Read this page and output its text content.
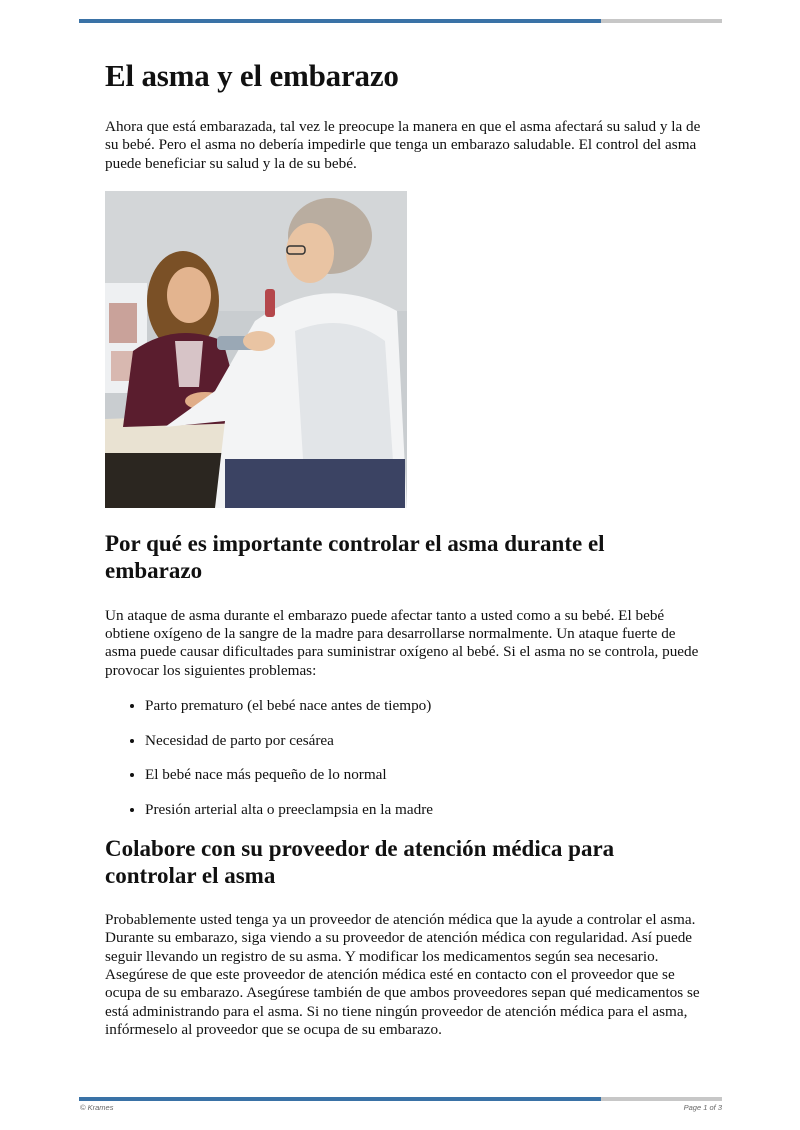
El asma y el embarazo

Ahora que está embarazada, tal vez le preocupe la manera en que el asma afectará su salud y la de su bebé. Pero el asma no debería impedirle que tenga un embarazo saludable. El control del asma puede beneficiar su salud y la de su bebé.

Por qué es importante controlar el asma durante el embarazo

Un ataque de asma durante el embarazo puede afectar tanto a usted como a su bebé. El bebé obtiene oxígeno de la sangre de la madre para desarrollarse normalmente. Un ataque fuerte de asma puede causar dificultades para suministrar oxígeno al bebé. Si el asma no se controla, puede provocar los siguientes problemas:

• Parto prematuro (el bebé nace antes de tiempo)
• Necesidad de parto por cesárea
• El bebé nace más pequeño de lo normal
• Presión arterial alta o preeclampsia en la madre
Colabore con su proveedor de atención médica para controlar el asma

Probablemente usted tenga ya un proveedor de atención médica que la ayude a controlar el asma. Durante su embarazo, siga viendo a su proveedor de atención médica con regularidad. Así puede seguir llevando un registro de su asma. Y modificar los medicamentos según sea necesario. Asegúrese de que este proveedor de atención médica esté en contacto con el proveedor que se ocupa de su embarazo. Asegúrese también de que ambos proveedores sepan qué medicamentos se está administrando para el asma. Si no tiene ningún proveedor de atención médica para el asma, infórmeselo al proveedor que se ocupa de su embarazo.

© Krames	Page 1 of 3
